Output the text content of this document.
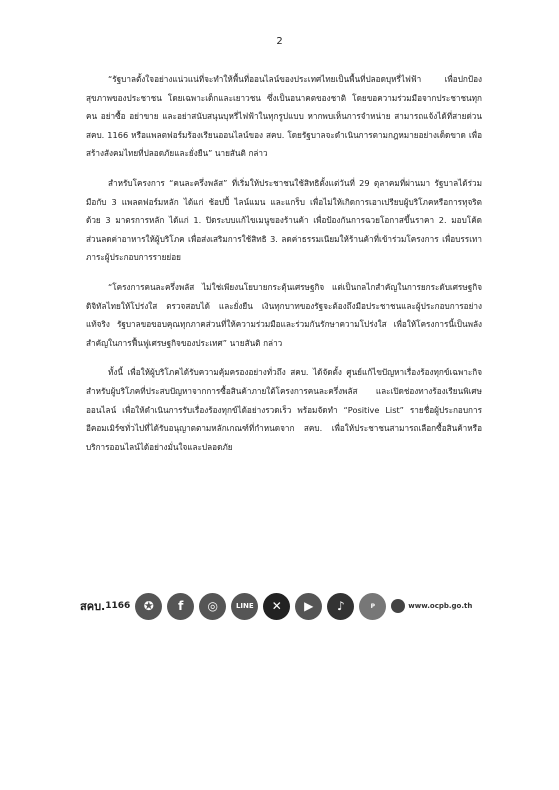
2

“รัฐบาลตั้งใจอย่างแน่วแน่ที่จะทำให้พื้นที่ออนไลน์ของประเทศไทยเป็นพื้นที่ปลอดบุหรี่ไฟฟ้า เพื่อปกป้องสุขภาพของประชาชน โดยเฉพาะเด็กและเยาวชน ซึ่งเป็นอนาคตของชาติ โดยขอความร่วมมือจากประชาชนทุกคน อย่าซื้อ อย่าขาย และอย่าสนับสนุนบุหรี่ไฟฟ้าในทุกรูปแบบ หากพบเห็นการจำหน่าย สามารถแจ้งได้ที่สายด่วน สคบ. 1166 หรือแพลตฟอร์มร้องเรียนออนไลน์ของ สคบ. โดยรัฐบาลจะดำเนินการตามกฎหมายอย่างเด็ดขาด เพื่อสร้างสังคมไทยที่ปลอดภัยและยั่งยืน” นายสันติ กล่าว

สำหรับโครงการ “คนละครึ่งพลัส” ที่เริ่มให้ประชาชนใช้สิทธิตั้งแต่วันที่ 29 ตุลาคมที่ผ่านมา รัฐบาลได้ร่วมมือกับ 3 แพลตฟอร์มหลัก ได้แก่ ช้อปปี้ ไลน์แมน และแกร็บ เพื่อไม่ให้เกิดการเอาเปรียบผู้บริโภคหรือการทุจริต ด้วย 3 มาตรการหลัก ได้แก่ 1. ปิดระบบแก้ไขเมนูของร้านค้า เพื่อป้องกันการฉวยโอกาสขึ้นราคา 2. มอบโค้ดส่วนลดค่าอาหารให้ผู้บริโภค เพื่อส่งเสริมการใช้สิทธิ 3. ลดค่าธรรมเนียมให้ร้านค้าที่เข้าร่วมโครงการ เพื่อบรรเทาภาระผู้ประกอบการรายย่อย

“โครงการคนละครึ่งพลัส ไม่ใช่เพียงนโยบายกระตุ้นเศรษฐกิจ แต่เป็นกลไกสำคัญในการยกระดับเศรษฐกิจดิจิทัลไทยให้โปร่งใส ตรวจสอบได้ และยั่งยืน เงินทุกบาทของรัฐจะต้องถึงมือประชาชนและผู้ประกอบการอย่างแท้จริง รัฐบาลขอขอบคุณทุกภาคส่วนที่ให้ความร่วมมือและร่วมกันรักษาความโปร่งใส เพื่อให้โครงการนี้เป็นพลังสำคัญในการฟื้นฟูเศรษฐกิจของประเทศ” นายสันติ กล่าว

ทั้งนี้ เพื่อให้ผู้บริโภคได้รับความคุ้มครองอย่างทั่วถึง สคบ. ได้จัดตั้ง ศูนย์แก้ไขปัญหาเรื่องร้องทุกข์เฉพาะกิจ สำหรับผู้บริโภคที่ประสบปัญหาจากการซื้อสินค้าภายใต้โครงการคนละครึ่งพลัส และเปิดช่องทางร้องเรียนพิเศษออนไลน์ เพื่อให้ดำเนินการรับเรื่องร้องทุกข์ได้อย่างรวดเร็ว พร้อมจัดทำ “Positive List” รายชื่อผู้ประกอบการอีคอมเมิร์ซทั่วไปที่ได้รับอนุญาตตามหลักเกณฑ์ที่กำหนดจาก สคบ. เพื่อให้ประชาชนสามารถเลือกซื้อสินค้าหรือบริการออนไลน์ได้อย่างมั่นใจและปลอดภัย

สคบ. 1166	✪	f	◎	LINE	✕	▶	♪	P	www.ocpb.go.th
